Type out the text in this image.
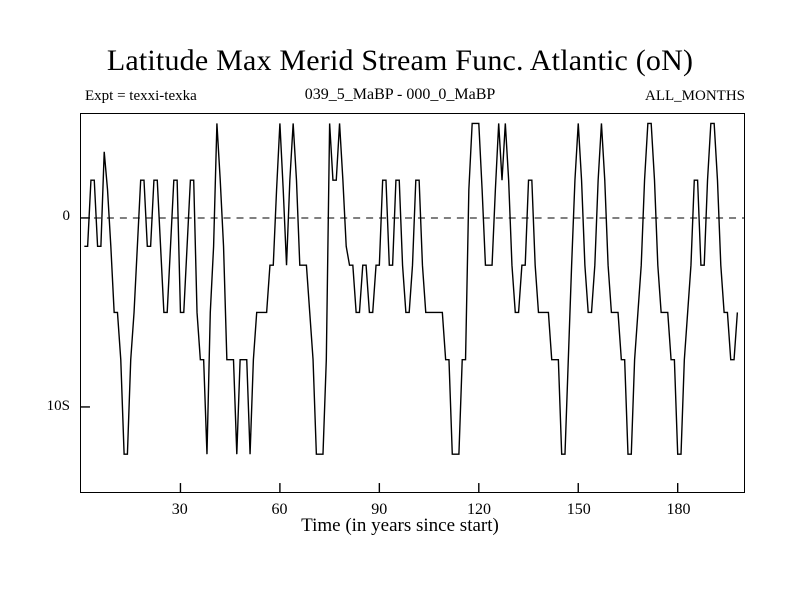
Latitude Max Merid Stream Func. Atlantic (oN)
Expt = texxi-texka	039_5_MaBP - 000_0_MaBP	ALL_MONTHS
0
10S
30	60	90	120	150	180
Time (in years since start)
